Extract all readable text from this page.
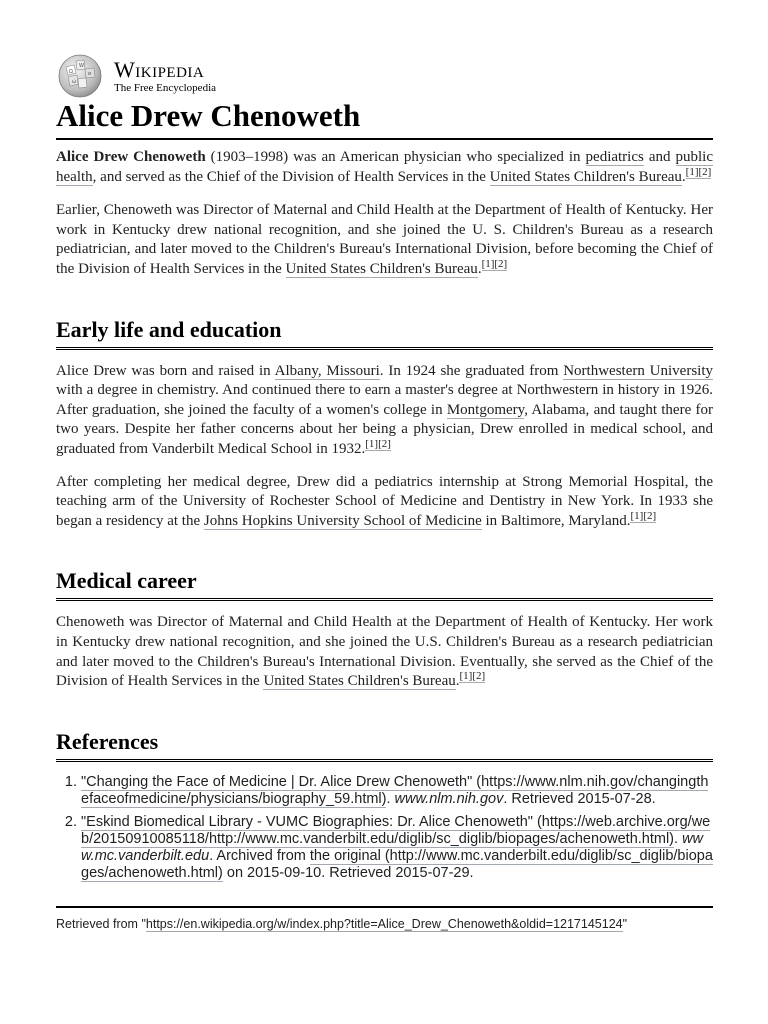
Ω
W
и
ώ
Wikipedia
The Free Encyclopedia
Alice Drew Chenoweth

Alice Drew Chenoweth (1903–1998) was an American physician who specialized in pediatrics and public health, and served as the Chief of the Division of Health Services in the United States Children's Bureau.[1][2]

Earlier, Chenoweth was Director of Maternal and Child Health at the Department of Health of Kentucky. Her work in Kentucky drew national recognition, and she joined the U. S. Children's Bureau as a research pediatrician, and later moved to the Children's Bureau's International Division, before becoming the Chief of the Division of Health Services in the United States Children's Bureau.[1][2]

Early life and education

Alice Drew was born and raised in Albany, Missouri. In 1924 she graduated from Northwestern University with a degree in chemistry. And continued there to earn a master's degree at Northwestern in history in 1926. After graduation, she joined the faculty of a women's college in Montgomery, Alabama, and taught there for two years. Despite her father concerns about her being a physician, Drew enrolled in medical school, and graduated from Vanderbilt Medical School in 1932.[1][2]

After completing her medical degree, Drew did a pediatrics internship at Strong Memorial Hospital, the teaching arm of the University of Rochester School of Medicine and Dentistry in New York. In 1933 she began a residency at the Johns Hopkins University School of Medicine in Baltimore, Maryland.[1][2]

Medical career

Chenoweth was Director of Maternal and Child Health at the Department of Health of Kentucky. Her work in Kentucky drew national recognition, and she joined the U.S. Children's Bureau as a research pediatrician and later moved to the Children's Bureau's International Division. Eventually, she served as the Chief of the Division of Health Services in the United States Children's Bureau.[1][2]

References
1. "Changing the Face of Medicine | Dr. Alice Drew Chenoweth" (https://www.nlm.nih.gov/changingthefaceofmedicine/physicians/biography_59.html). www.nlm.nih.gov. Retrieved 2015-07-28.
2. "Eskind Biomedical Library - VUMC Biographies: Dr. Alice Chenoweth" (https://web.archive.org/web/20150910085118/http://www.mc.vanderbilt.edu/diglib/sc_diglib/biopages/achenoweth.html). www.mc.vanderbilt.edu. Archived from the original (http://www.mc.vanderbilt.edu/diglib/sc_diglib/biopages/achenoweth.html) on 2015-09-10. Retrieved 2015-07-29.
Retrieved from "https://en.wikipedia.org/w/index.php?title=Alice_Drew_Chenoweth&oldid=1217145124"
